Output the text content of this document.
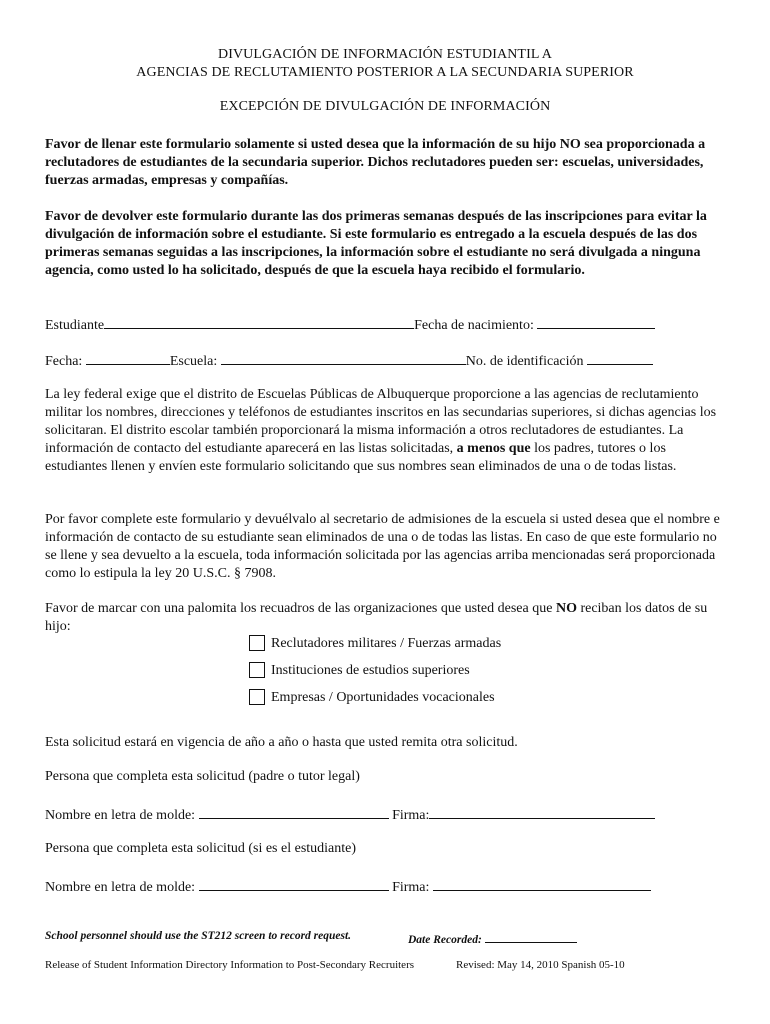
DIVULGACIÓN DE INFORMACIÓN ESTUDIANTIL A
AGENCIAS DE RECLUTAMIENTO POSTERIOR A LA SECUNDARIA SUPERIOR
EXCEPCIÓN DE DIVULGACIÓN DE INFORMACIÓN
Favor de llenar este formulario solamente si usted desea que la información de su hijo NO sea proporcionada a reclutadores de estudiantes de la secundaria superior. Dichos reclutadores pueden ser: escuelas, universidades, fuerzas armadas, empresas y compañías.
Favor de devolver este formulario durante las dos primeras semanas después de las inscripciones para evitar la divulgación de información sobre el estudiante. Si este formulario es entregado a la escuela después de las dos primeras semanas seguidas a las inscripciones, la información sobre el estudiante no será divulgada a ninguna agencia, como usted lo ha solicitado, después de que la escuela haya recibido el formulario.
Estudiante	Fecha de nacimiento:
Fecha:	Escuela:	No. de identificación
La ley federal exige que el distrito de Escuelas Públicas de Albuquerque proporcione a las agencias de reclutamiento militar los nombres, direcciones y teléfonos de estudiantes inscritos en las secundarias superiores, si dichas agencias los solicitaran. El distrito escolar también proporcionará la misma información a otros reclutadores de estudiantes. La información de contacto del estudiante aparecerá en las listas solicitadas, a menos que los padres, tutores o los estudiantes llenen y envíen este formulario solicitando que sus nombres sean eliminados de una o de todas listas.
Por favor complete este formulario y devuélvalo al secretario de admisiones de la escuela si usted desea que el nombre e información de contacto de su estudiante sean eliminados de una o de todas las listas. En caso de que este formulario no se llene y sea devuelto a la escuela, toda información solicitada por las agencias arriba mencionadas será proporcionada como lo estipula la ley 20 U.S.C. § 7908.
Favor de marcar con una palomita los recuadros de las organizaciones que usted desea que NO reciban los datos de su hijo:
Reclutadores militares / Fuerzas armadas
Instituciones de estudios superiores
Empresas / Oportunidades vocacionales
Esta solicitud estará en vigencia de año a año o hasta que usted remita otra solicitud.
Persona que completa esta solicitud (padre o tutor legal)
Nombre en letra de molde:	Firma:
Persona que completa esta solicitud (si es el estudiante)
Nombre en letra de molde:	Firma:
School personnel should use the ST212 screen to record request.	Date Recorded:
Release of Student Information Directory Information to Post-Secondary Recruiters	Revised: May 14, 2010 Spanish 05-10
